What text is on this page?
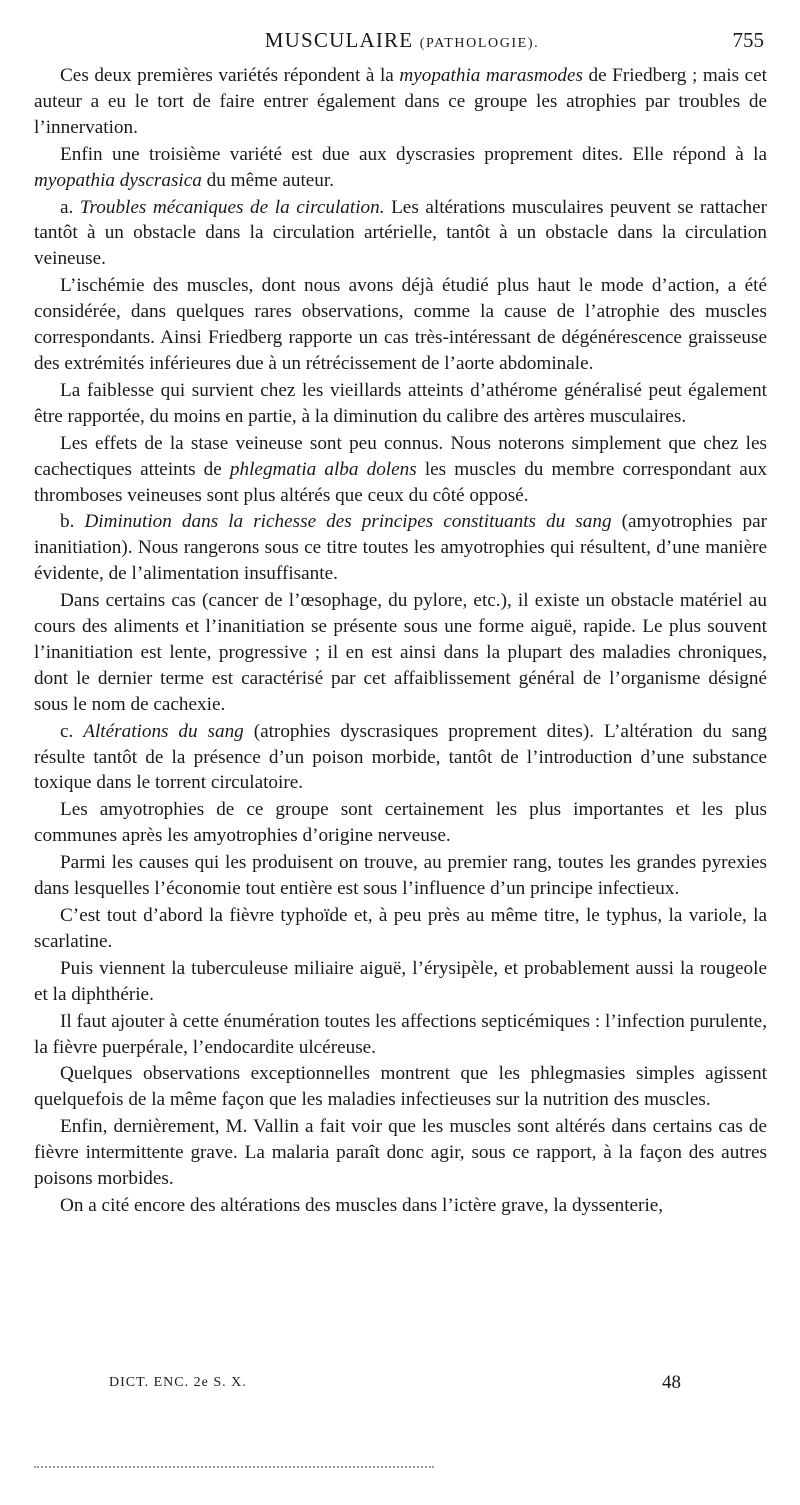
MUSCULAIRE (PATHOLOGIE).	755

Ces deux premières variétés répondent à la myopathia marasmodes de Friedberg ; mais cet auteur a eu le tort de faire entrer également dans ce groupe les atrophies par troubles de l’innervation.

Enfin une troisième variété est due aux dyscrasies proprement dites. Elle répond à la myopathia dyscrasica du même auteur.

a. Troubles mécaniques de la circulation. Les altérations musculaires peuvent se rattacher tantôt à un obstacle dans la circulation artérielle, tantôt à un obstacle dans la circulation veineuse.

L’ischémie des muscles, dont nous avons déjà étudié plus haut le mode d’action, a été considérée, dans quelques rares observations, comme la cause de l’atrophie des muscles correspondants. Ainsi Friedberg rapporte un cas très-intéressant de dégénérescence graisseuse des extrémités inférieures due à un rétrécissement de l’aorte abdominale.

La faiblesse qui survient chez les vieillards atteints d’athérome généralisé peut également être rapportée, du moins en partie, à la diminution du calibre des artères musculaires.

Les effets de la stase veineuse sont peu connus. Nous noterons simplement que chez les cachectiques atteints de phlegmatia alba dolens les muscles du membre correspondant aux thromboses veineuses sont plus altérés que ceux du côté opposé.

b. Diminution dans la richesse des principes constituants du sang (amyotrophies par inanitiation). Nous rangerons sous ce titre toutes les amyotrophies qui résultent, d’une manière évidente, de l’alimentation insuffisante.

Dans certains cas (cancer de l’œsophage, du pylore, etc.), il existe un obstacle matériel au cours des aliments et l’inanitiation se présente sous une forme aiguë, rapide. Le plus souvent l’inanitiation est lente, progressive ; il en est ainsi dans la plupart des maladies chroniques, dont le dernier terme est caractérisé par cet affaiblissement général de l’organisme désigné sous le nom de cachexie.

c. Altérations du sang (atrophies dyscrasiques proprement dites). L’altération du sang résulte tantôt de la présence d’un poison morbide, tantôt de l’introduction d’une substance toxique dans le torrent circulatoire.

Les amyotrophies de ce groupe sont certainement les plus importantes et les plus communes après les amyotrophies d’origine nerveuse.

Parmi les causes qui les produisent on trouve, au premier rang, toutes les grandes pyrexies dans lesquelles l’économie tout entière est sous l’influence d’un principe infectieux.

C’est tout d’abord la fièvre typhoïde et, à peu près au même titre, le typhus, la variole, la scarlatine.

Puis viennent la tuberculeuse miliaire aiguë, l’érysipèle, et probablement aussi la rougeole et la diphthérie.

Il faut ajouter à cette énumération toutes les affections septicémiques : l’infection purulente, la fièvre puerpérale, l’endocardite ulcéreuse.

Quelques observations exceptionnelles montrent que les phlegmasies simples agissent quelquefois de la même façon que les maladies infectieuses sur la nutrition des muscles.

Enfin, dernièrement, M. Vallin a fait voir que les muscles sont altérés dans certains cas de fièvre intermittente grave. La malaria paraît donc agir, sous ce rapport, à la façon des autres poisons morbides.

On a cité encore des altérations des muscles dans l’ictère grave, la dyssenterie,

DICT. ENC. 2e S. X.	48
